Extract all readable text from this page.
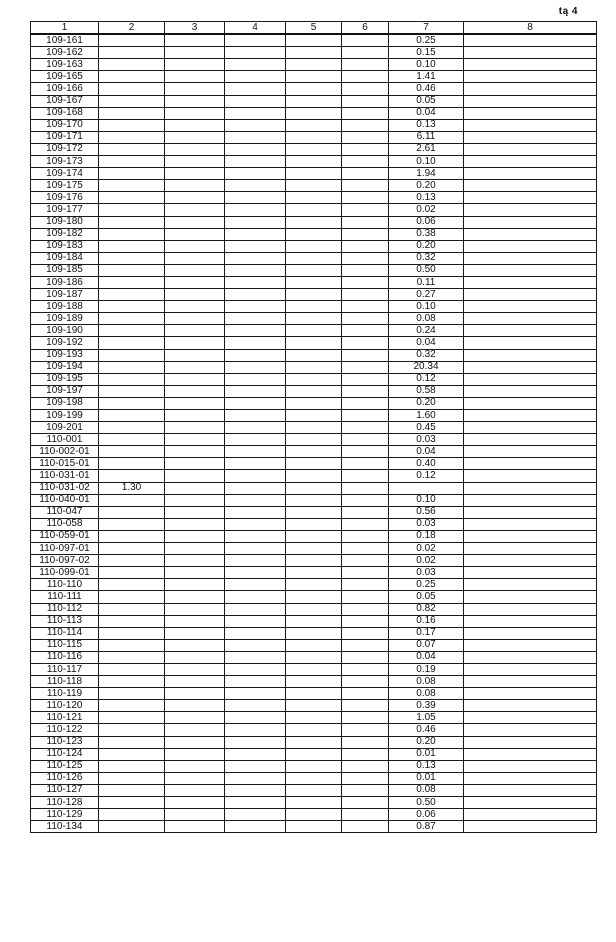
tą 4
1	2	3	4	5	6	7	8
109-161						0.25	
109-162						0.15	
109-163						0.10	
109-165						1.41	
109-166						0.46	
109-167						0.05	
109-168						0.04	
109-170						0.13	
109-171						6.11	
109-172						2.61	
109-173						0.10	
109-174						1.94	
109-175						0.20	
109-176						0.13	
109-177						0.02	
109-180						0.06	
109-182						0.38	
109-183						0.20	
109-184						0.32	
109-185						0.50	
109-186						0.11	
109-187						0.27	
109-188						0.10	
109-189						0.08	
109-190						0.24	
109-192						0.04	
109-193						0.32	
109-194						20.34	
109-195						0.12	
109-197						0.58	
109-198						0.20	
109-199						1.60	
109-201						0.45	
110-001						0.03	
110-002-01						0.04	
110-015-01						0.40	
110-031-01						0.12	
110-031-02	1.30						
110-040-01						0.10	
110-047						0.56	
110-058						0.03	
110-059-01						0.18	
110-097-01						0.02	
110-097-02						0.02	
110-099-01						0.03	
110-110						0.25	
110-111						0.05	
110-112						0.82	
110-113						0.16	
110-114						0.17	
110-115						0.07	
110-116						0.04	
110-117						0.19	
110-118						0.08	
110-119						0.08	
110-120						0.39	
110-121						1.05	
110-122						0.46	
110-123						0.20	
110-124						0.01	
110-125						0.13	
110-126						0.01	
110-127						0.08	
110-128						0.50	
110-129						0.06	
110-134						0.87	
